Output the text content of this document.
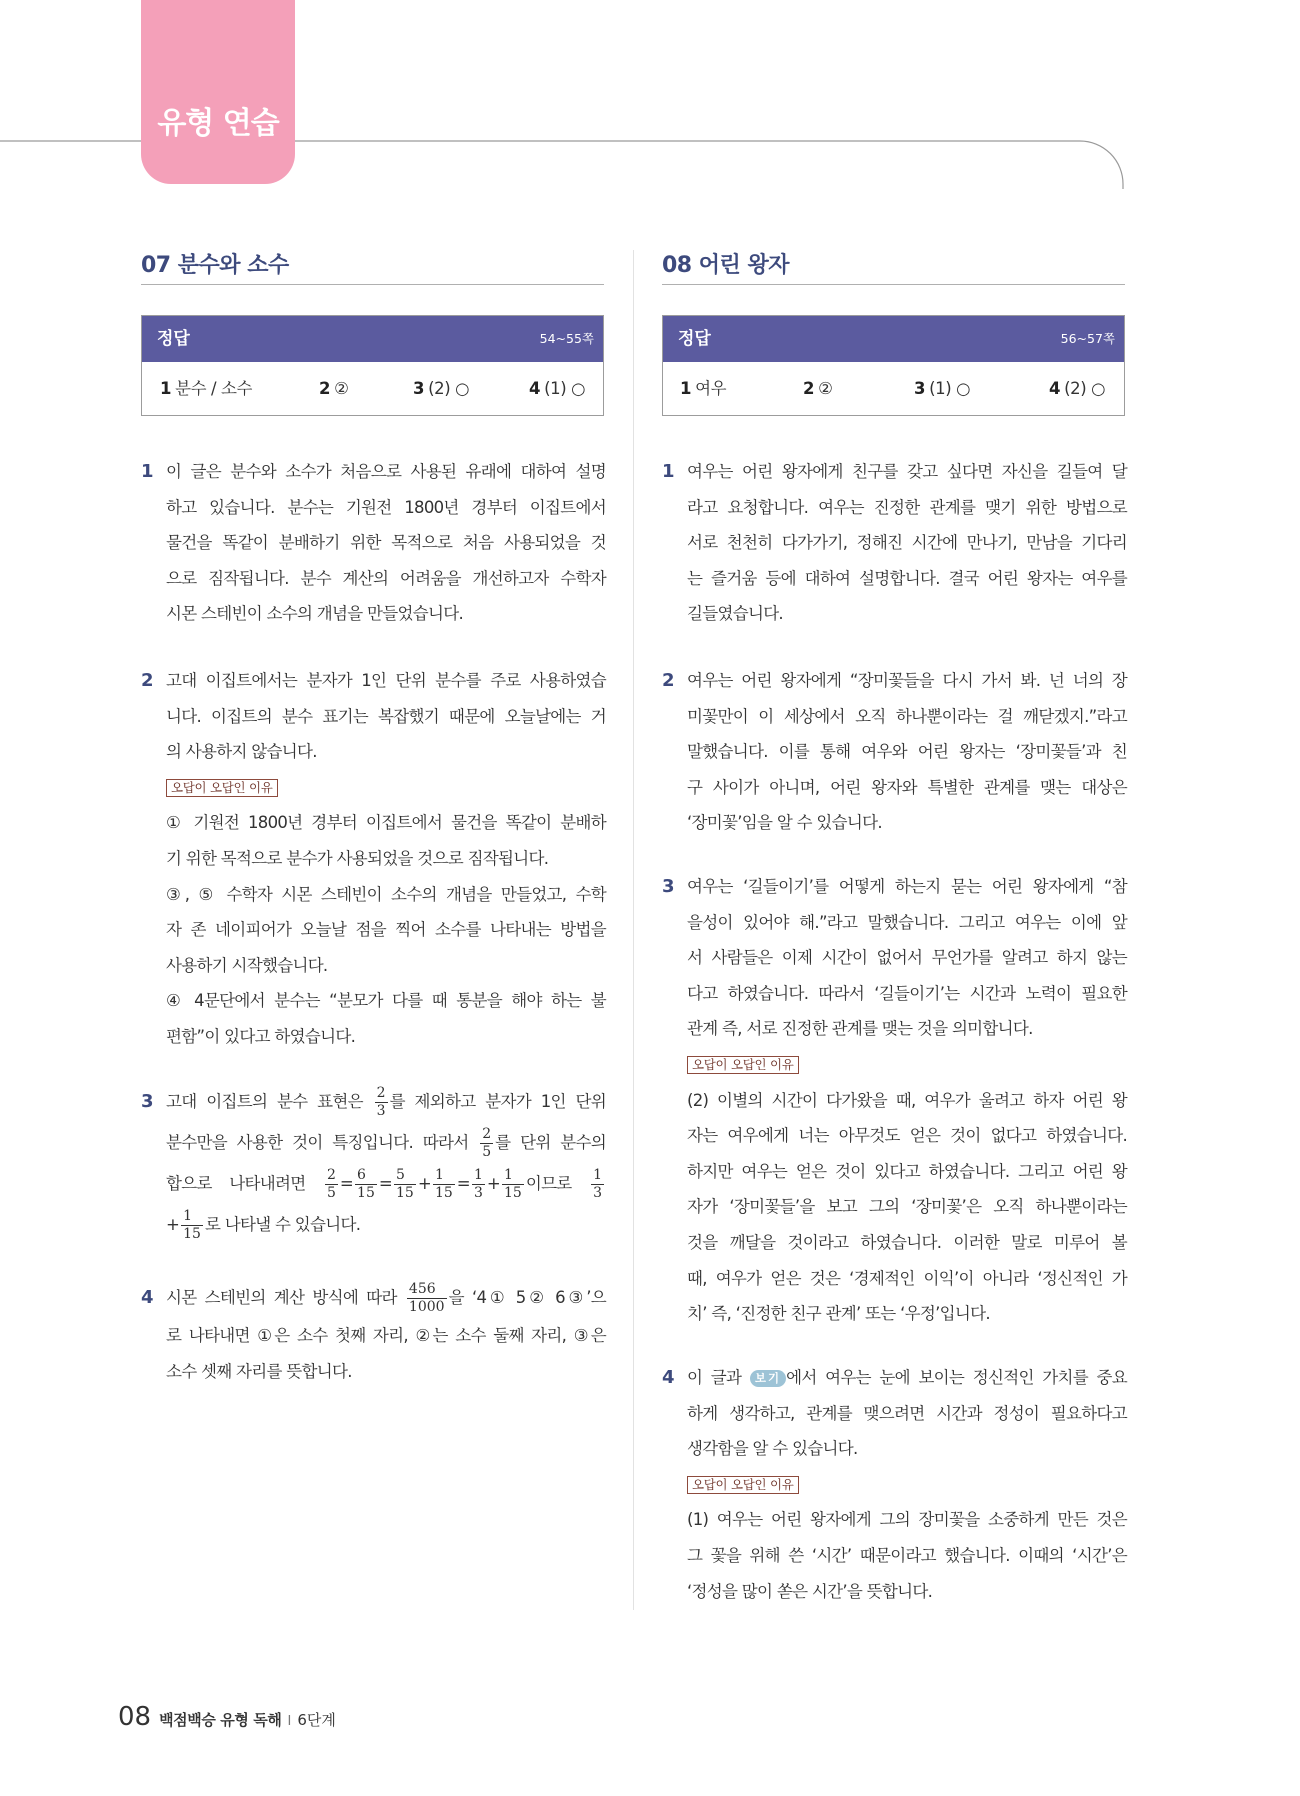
유형 연습
07 분수와 소수
정답	54~55쪽
1 분수 / 소수	2 ②	3 (2) ○	4 (1) ○
1 이 글은 분수와 소수가 처음으로 사용된 유래에 대하여 설명
하고 있습니다. 분수는 기원전 1800년 경부터 이집트에서
물건을 똑같이 분배하기 위한 목적으로 처음 사용되었을 것
으로 짐작됩니다. 분수 계산의 어려움을 개선하고자 수학자
시몬 스테빈이 소수의 개념을 만들었습니다.
2 고대 이집트에서는 분자가 1인 단위 분수를 주로 사용하였습
니다. 이집트의 분수 표기는 복잡했기 때문에 오늘날에는 거
의 사용하지 않습니다.
오답이 오답인 이유
① 기원전 1800년 경부터 이집트에서 물건을 똑같이 분배하
기 위한 목적으로 분수가 사용되었을 것으로 짐작됩니다.
③, ⑤ 수학자 시몬 스테빈이 소수의 개념을 만들었고, 수학
자 존 네이피어가 오늘날 점을 찍어 소수를 나타내는 방법을
사용하기 시작했습니다.
④ 4문단에서 분수는 “분모가 다를 때 통분을 해야 하는 불
편함”이 있다고 하였습니다.
3 고대 이집트의 분수 표현은 $\frac{2}{3}$ 를 제외하고 분자가 1인 단위
분수만을 사용한 것이 특징입니다. 따라서 $\frac{2}{5}$ 를 단위 분수의
합으로 나타내려면 $\frac{2}{5} = \frac{6}{15} = \frac{5}{15} + \frac{1}{15} = \frac{1}{3} + \frac{1}{15}$ 이므로 $\frac{1}{3}$
+ $\frac{1}{15}$ 로 나타낼 수 있습니다.
4 시몬 스테빈의 계산 방식에 따라 $\frac{456}{1000}$ 을 ‘4① 5② 6③’으
로 나타내면 ①은 소수 첫째 자리, ②는 소수 둘째 자리, ③은
소수 셋째 자리를 뜻합니다.
08 어린 왕자
정답	56~57쪽
1 여우	2 ②	3 (1) ○	4 (2) ○
1 여우는 어린 왕자에게 친구를 갖고 싶다면 자신을 길들여 달
라고 요청합니다. 여우는 진정한 관계를 맺기 위한 방법으로
서로 천천히 다가가기, 정해진 시간에 만나기, 만남을 기다리
는 즐거움 등에 대하여 설명합니다. 결국 어린 왕자는 여우를
길들였습니다.
2 여우는 어린 왕자에게 “장미꽃들을 다시 가서 봐. 넌 너의 장
미꽃만이 이 세상에서 오직 하나뿐이라는 걸 깨닫겠지.”라고
말했습니다. 이를 통해 여우와 어린 왕자는 ‘장미꽃들’과 친
구 사이가 아니며, 어린 왕자와 특별한 관계를 맺는 대상은
‘장미꽃’임을 알 수 있습니다.
3 여우는 ‘길들이기’를 어떻게 하는지 묻는 어린 왕자에게 “참
을성이 있어야 해.”라고 말했습니다. 그리고 여우는 이에 앞
서 사람들은 이제 시간이 없어서 무언가를 알려고 하지 않는
다고 하였습니다. 따라서 ‘길들이기’는 시간과 노력이 필요한
관계 즉, 서로 진정한 관계를 맺는 것을 의미합니다.
오답이 오답인 이유
(2) 이별의 시간이 다가왔을 때, 여우가 울려고 하자 어린 왕
자는 여우에게 너는 아무것도 얻은 것이 없다고 하였습니다.
하지만 여우는 얻은 것이 있다고 하였습니다. 그리고 어린 왕
자가 ‘장미꽃들’을 보고 그의 ‘장미꽃’은 오직 하나뿐이라는
것을 깨달을 것이라고 하였습니다. 이러한 말로 미루어 볼
때, 여우가 얻은 것은 ‘경제적인 이익’이 아니라 ‘정신적인 가
치’ 즉, ‘진정한 친구 관계’ 또는 ‘우정’입니다.
4 이 글과 보기 에서 여우는 눈에 보이는 정신적인 가치를 중요
하게 생각하고, 관계를 맺으려면 시간과 정성이 필요하다고
생각함을 알 수 있습니다.
오답이 오답인 이유
(1) 여우는 어린 왕자에게 그의 장미꽃을 소중하게 만든 것은
그 꽃을 위해 쓴 ‘시간’ 때문이라고 했습니다. 이때의 ‘시간’은
‘정성을 많이 쏟은 시간’을 뜻합니다.
08 백점백승 유형 독해 I 6단계
